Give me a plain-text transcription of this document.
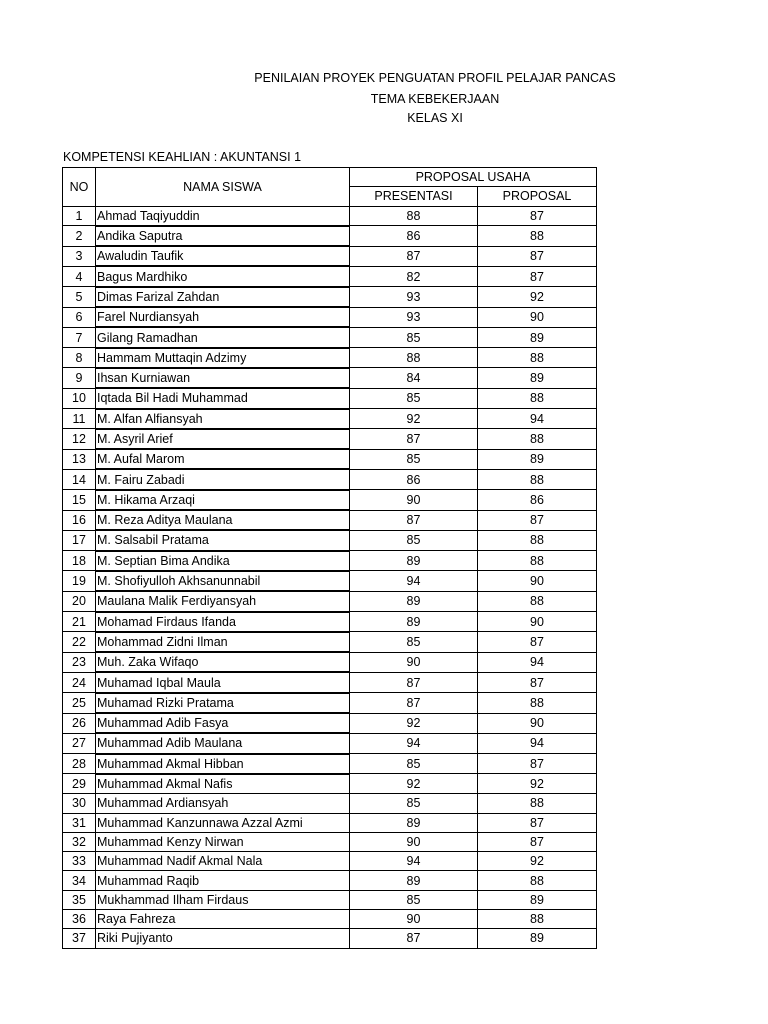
PENILAIAN PROYEK PENGUATAN PROFIL PELAJAR PANCAS
TEMA KEBEKERJAAN
KELAS XI
KOMPETENSI KEAHLIAN : AKUNTANSI 1
NO	NAMA SISWA	PROPOSAL USAHA	
		PRESENTASI	PROPOSAL
1	Ahmad Taqiyuddin	88	87
2	Andika Saputra	86	88
3	Awaludin Taufik	87	87
4	Bagus Mardhiko	82	87
5	Dimas Farizal Zahdan	93	92
6	Farel Nurdiansyah	93	90
7	Gilang Ramadhan	85	89
8	Hammam Muttaqin Adzimy	88	88
9	Ihsan Kurniawan	84	89
10	Iqtada Bil Hadi Muhammad	85	88
11	M. Alfan Alfiansyah	92	94
12	M. Asyril Arief	87	88
13	M. Aufal Marom	85	89
14	M. Fairu Zabadi	86	88
15	M. Hikama Arzaqi	90	86
16	M. Reza Aditya Maulana	87	87
17	M. Salsabil Pratama	85	88
18	M. Septian Bima Andika	89	88
19	M. Shofiyulloh Akhsanunnabil	94	90
20	Maulana Malik Ferdiyansyah	89	88
21	Mohamad Firdaus Ifanda	89	90
22	Mohammad Zidni Ilman	85	87
23	Muh. Zaka Wifaqo	90	94
24	Muhamad Iqbal Maula	87	87
25	Muhamad Rizki Pratama	87	88
26	Muhammad Adib Fasya	92	90
27	Muhammad Adib Maulana	94	94
28	Muhammad Akmal Hibban	85	87
29	Muhammad Akmal Nafis	92	92
30	Muhammad Ardiansyah	85	88
31	Muhammad Kanzunnawa Azzal Azmi	89	87
32	Muhammad Kenzy Nirwan	90	87
33	Muhammad Nadif Akmal Nala	94	92
34	Muhammad Raqib	89	88
35	Mukhammad Ilham Firdaus	85	89
36	Raya Fahreza	90	88
37	Riki Pujiyanto	87	89
